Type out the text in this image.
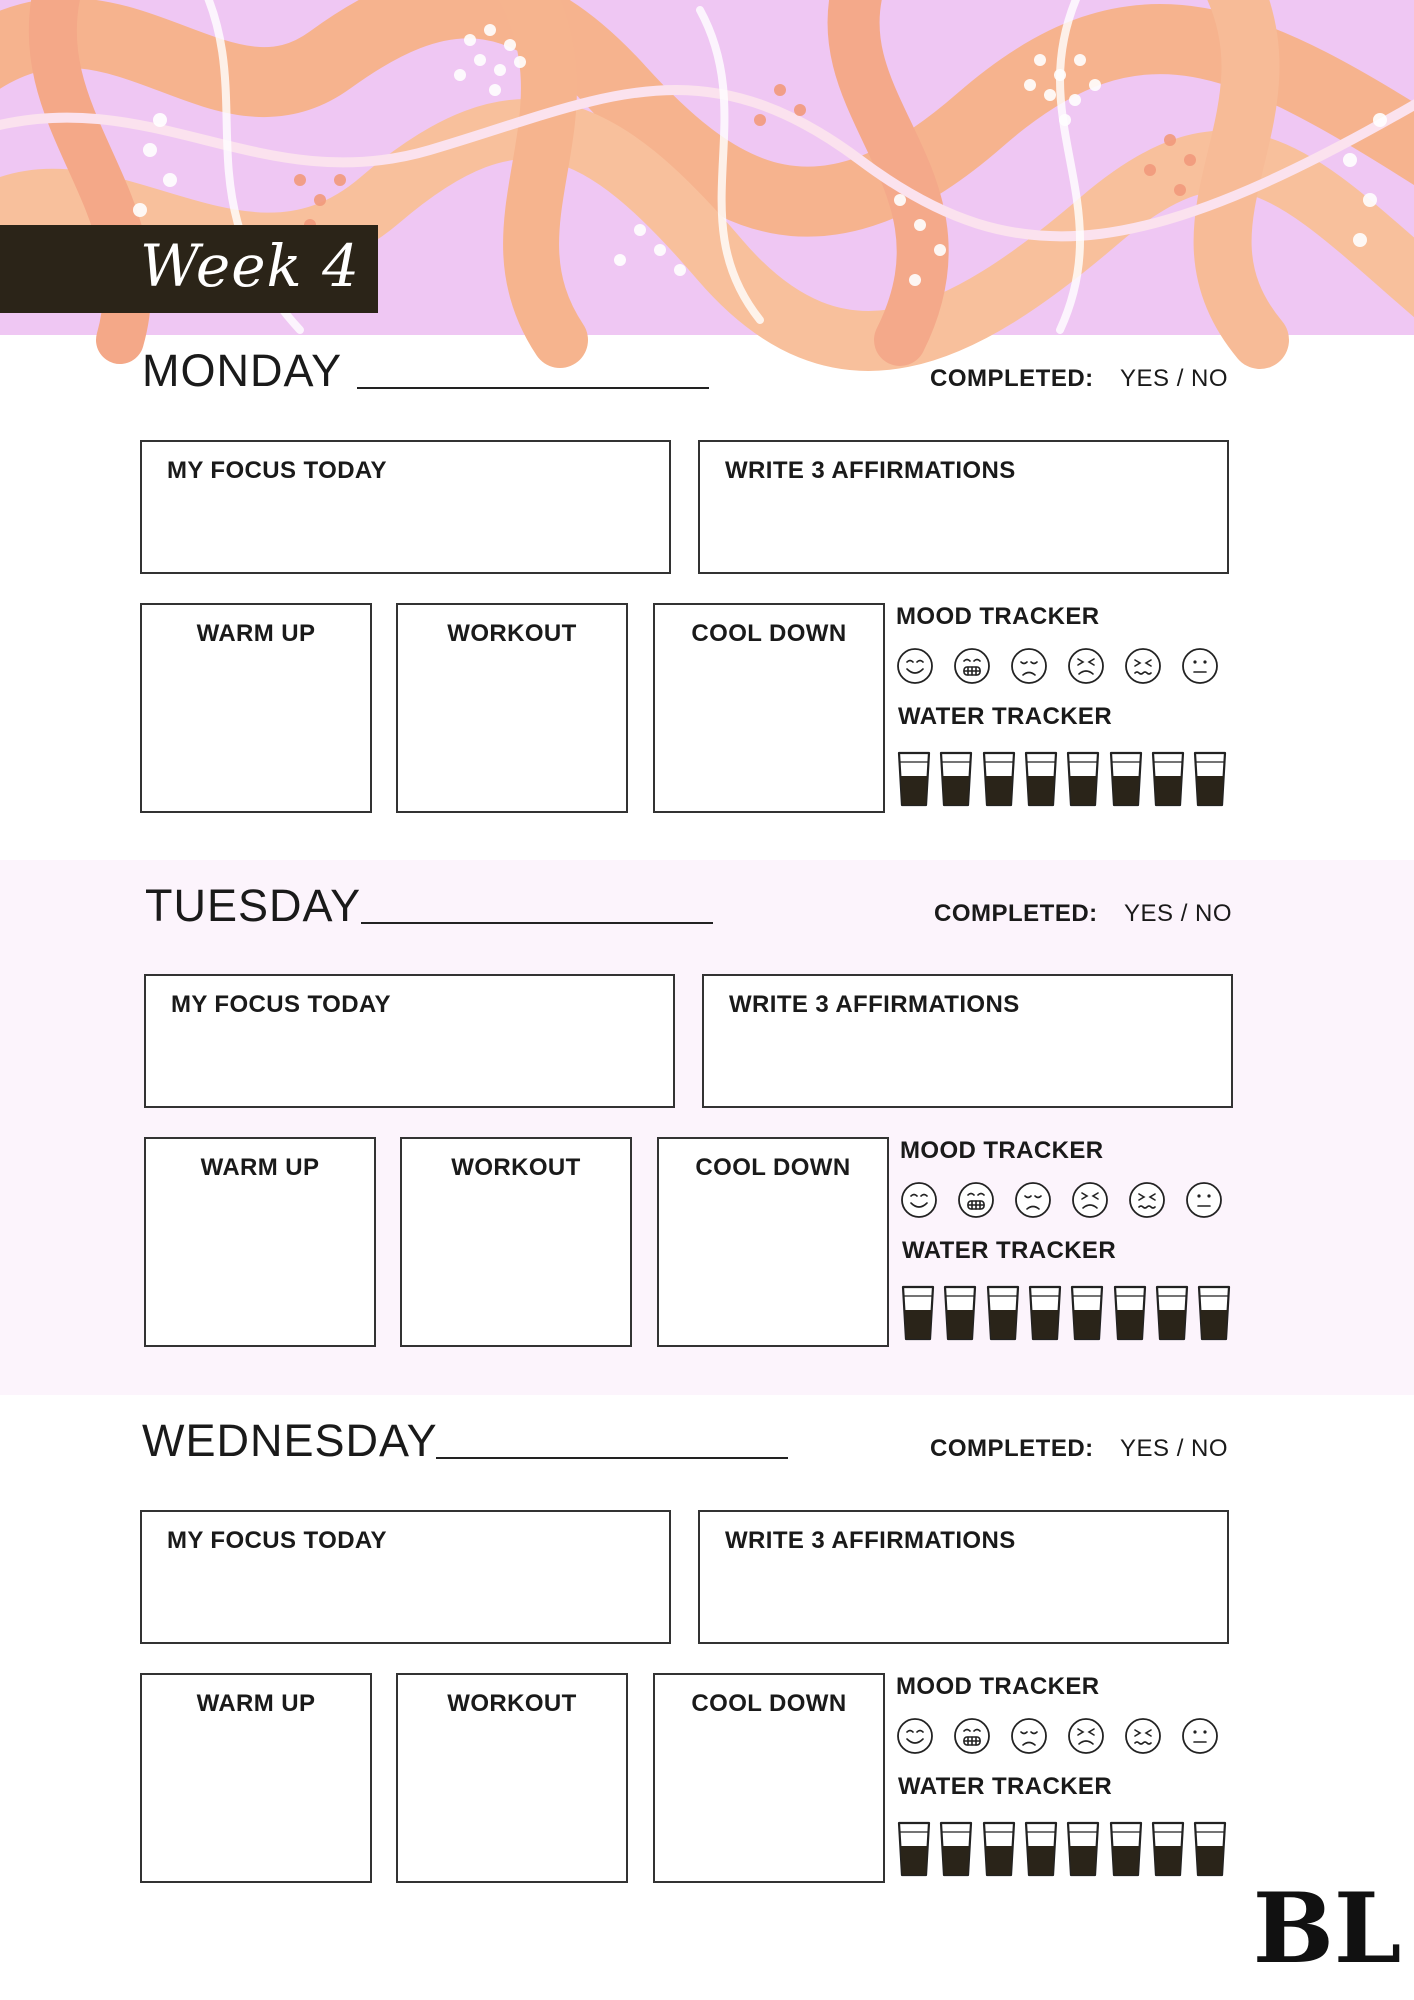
Week 4
MONDAY	COMPLETED: YES / NO
MY FOCUS TODAY	WRITE 3 AFFIRMATIONS
WARM UP	WORKOUT	COOL DOWN
MOOD TRACKER
WATER TRACKER
TUESDAY	COMPLETED: YES / NO
MY FOCUS TODAY	WRITE 3 AFFIRMATIONS
WARM UP	WORKOUT	COOL DOWN
MOOD TRACKER
WATER TRACKER
WEDNESDAY	COMPLETED: YES / NO
MY FOCUS TODAY	WRITE 3 AFFIRMATIONS
WARM UP	WORKOUT	COOL DOWN
MOOD TRACKER
WATER TRACKER
BL
